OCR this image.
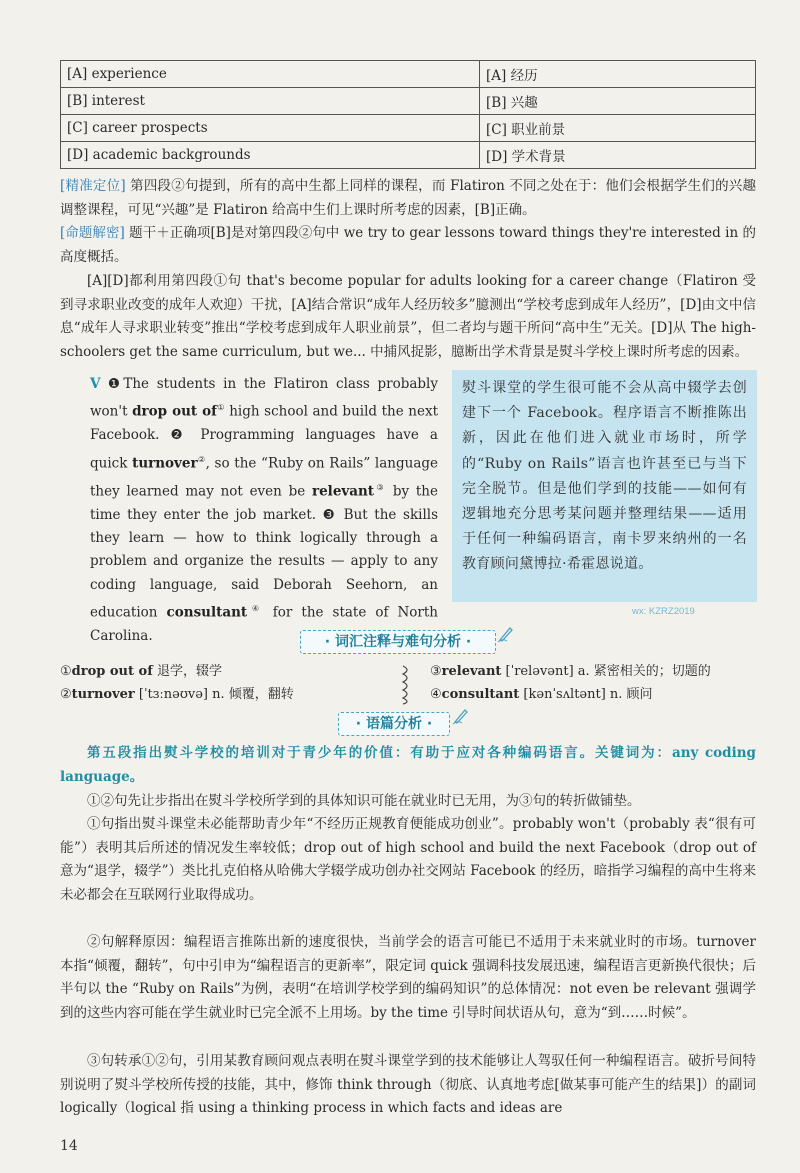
[A] experience	[A] 经历
[B] interest	[B] 兴趣
[C] career prospects	[C] 职业前景
[D] academic backgrounds	[D] 学术背景

[精准定位] 第四段②句提到，所有的高中生都上同样的课程，而 Flatiron 不同之处在于：他们会根据学生们的兴趣调整课程，可见“兴趣”是 Flatiron 给高中生们上课时所考虑的因素，[B]正确。

[命题解密] 题干＋正确项[B]是对第四段②句中 we try to gear lessons toward things they're interested in 的高度概括。

[A][D]都利用第四段①句 that's become popular for adults looking for a career change（Flatiron 受到寻求职业改变的成年人欢迎）干扰，[A]结合常识“成年人经历较多”臆测出“学校考虑到成年人经历”，[D]由文中信息“成年人寻求职业转变”推出“学校考虑到成年人职业前景”，但二者均与题干所问“高中生”无关。[D]从 The high-schoolers get the same curriculum, but we... 中捕风捉影，臆断出学术背景是熨斗学校上课时所考虑的因素。

V ❶The students in the Flatiron class probably won't drop out of① high school and build the next Facebook. ❷ Programming languages have a quick turnover②, so the “Ruby on Rails” language they learned may not even be relevant③ by the time they enter the job market. ❸ But the skills they learn — how to think logically through a problem and organize the results — apply to any coding language, said Deborah Seehorn, an education consultant④ for the state of North Carolina.

熨斗课堂的学生很可能不会从高中辍学去创建下一个 Facebook。程序语言不断推陈出新，因此在他们进入就业市场时，所学的“Ruby on Rails”语言也许甚至已与当下完全脱节。但是他们学到的技能——如何有逻辑地充分思考某问题并整理结果——适用于任何一种编码语言，南卡罗来纳州的一名教育顾问黛博拉·希霍恩说道。

wx: KZRZ2019
· 词汇注释与难句分析 ·

①drop out of 退学，辍学

②turnover [ˈtɜːnəʊvə] n. 倾覆，翻转

③relevant [ˈreləvənt] a. 紧密相关的；切题的

④consultant [kənˈsʌltənt] n. 顾问

· 语篇分析 ·

第五段指出熨斗学校的培训对于青少年的价值：有助于应对各种编码语言。关键词为：any coding language。

①②句先让步指出在熨斗学校所学到的具体知识可能在就业时已无用，为③句的转折做铺垫。

①句指出熨斗课堂未必能帮助青少年“不经历正规教育便能成功创业”。probably won't（probably 表“很有可能”）表明其后所述的情况发生率较低；drop out of high school and build the next Facebook（drop out of 意为“退学，辍学”）类比扎克伯格从哈佛大学辍学成功创办社交网站 Facebook 的经历，暗指学习编程的高中生将来未必都会在互联网行业取得成功。

②句解释原因：编程语言推陈出新的速度很快，当前学会的语言可能已不适用于未来就业时的市场。turnover 本指“倾覆，翻转”，句中引申为“编程语言的更新率”，限定词 quick 强调科技发展迅速，编程语言更新换代很快；后半句以 the “Ruby on Rails”为例，表明“在培训学校学到的编码知识”的总体情况：not even be relevant 强调学到的这些内容可能在学生就业时已完全派不上用场。by the time 引导时间状语从句，意为“到……时候”。

③句转承①②句，引用某教育顾问观点表明在熨斗课堂学到的技术能够让人驾驭任何一种编程语言。破折号间特别说明了熨斗学校所传授的技能，其中，修饰 think through（彻底、认真地考虑[做某事可能产生的结果]）的副词 logically（logical 指 using a thinking process in which facts and ideas are

14
